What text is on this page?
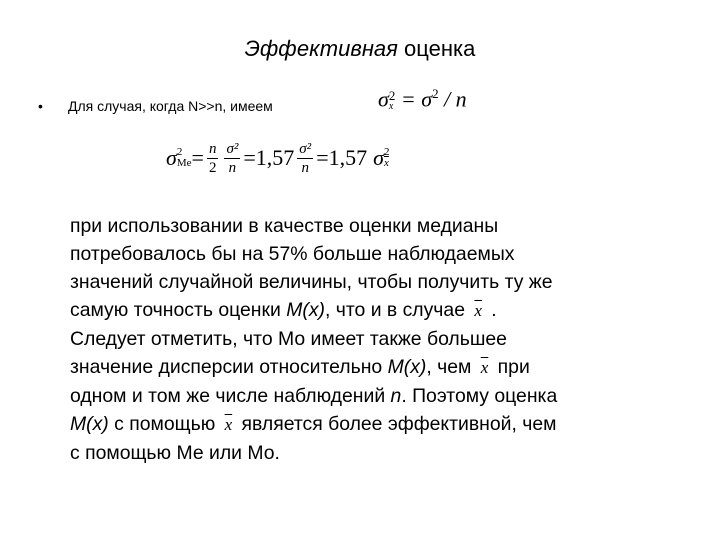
Эффективная оценка
• Для случая, когда N>>n, имеем	σ 2
$x = \sigma^2 / n$
σ 2
$Me = \frac{n}{2} \frac{\text{σ²}}{n} = 1,57 \frac{\text{σ²}}{n} = 1,57$ σ 2
$\overline{x}$
при использовании в качестве оценки медианы
потребовалось бы на 57% больше наблюдаемых
значений случайной величины, чтобы получить ту же
самую точность оценки M(x), что и в случае $\overline{x}$ .
Следует отметить, что Мо имеет также большее
значение дисперсии относительно M(x), чем $\overline{x}$ при
одном и том же числе наблюдений n. Поэтому оценка
M(x) с помощью $\overline{x}$ является более эффективной, чем
с помощью Ме или Мо.
